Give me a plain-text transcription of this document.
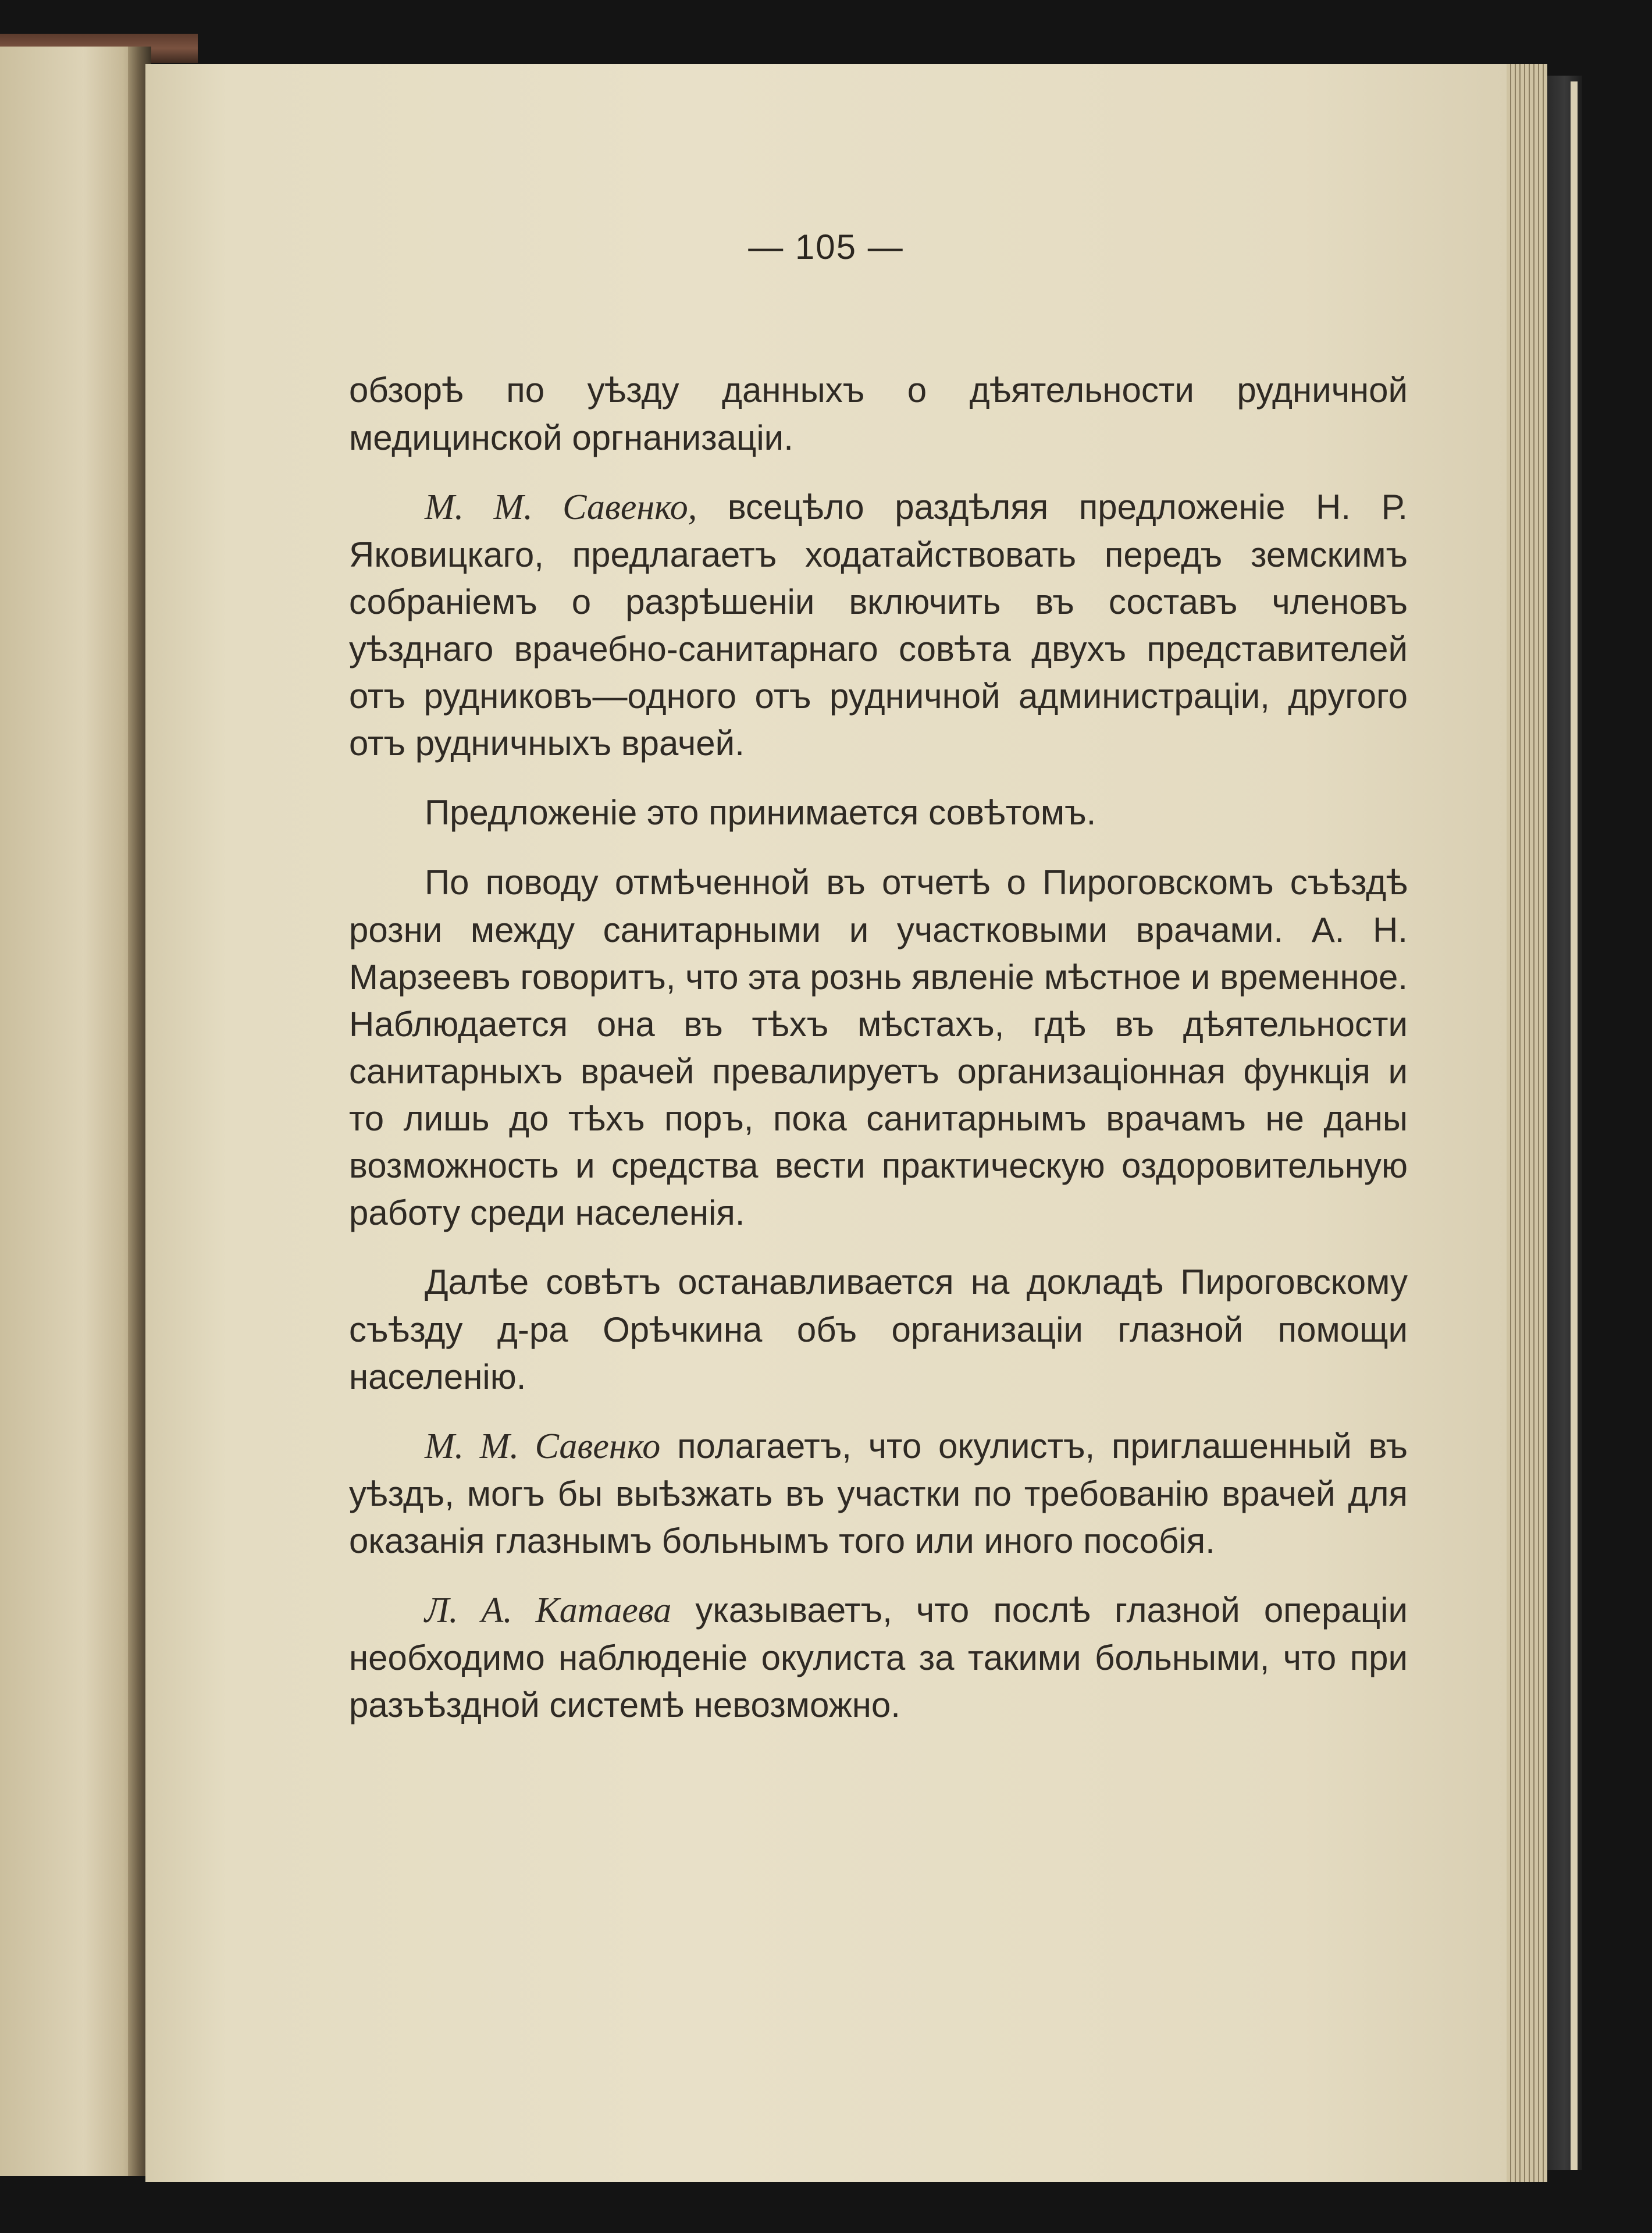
— 105 —

обзорѣ по уѣзду данныхъ о дѣятельности рудничной медицинской оргнанизаціи.

М. М. Савенко, всецѣло раздѣляя предложеніе Н. Р. Яковицкаго, предлагаетъ ходатайствовать передъ земскимъ собраніемъ о разрѣшеніи включить въ составъ членовъ уѣзднаго врачебно-санитарнаго совѣта двухъ представителей отъ рудниковъ—одного отъ рудничной администраціи, другого отъ рудничныхъ врачей.

Предложеніе это принимается совѣтомъ.

По поводу отмѣченной въ отчетѣ о Пироговскомъ съѣздѣ розни между санитарными и участковыми врачами. А. Н. Марзеевъ говоритъ, что эта рознь явленіе мѣстное и временное. Наблюдается она въ тѣхъ мѣстахъ, гдѣ въ дѣятельности санитарныхъ врачей превалируетъ организаціонная функція и то лишь до тѣхъ поръ, пока санитарнымъ врачамъ не даны возможность и средства вести практическую оздоровительную работу среди населенія.

Далѣе совѣтъ останавливается на докладѣ Пироговскому съѣзду д-ра Орѣчкина объ организаціи глазной помощи населенію.

М. М. Савенко полагаетъ, что окулистъ, приглашенный въ уѣздъ, могъ бы выѣзжать въ участки по требованію врачей для оказанія глазнымъ больнымъ того или иного пособія.

Л. А. Катаева указываетъ, что послѣ глазной операціи необходимо наблюденіе окулиста за такими больными, что при разъѣздной системѣ невозможно.
